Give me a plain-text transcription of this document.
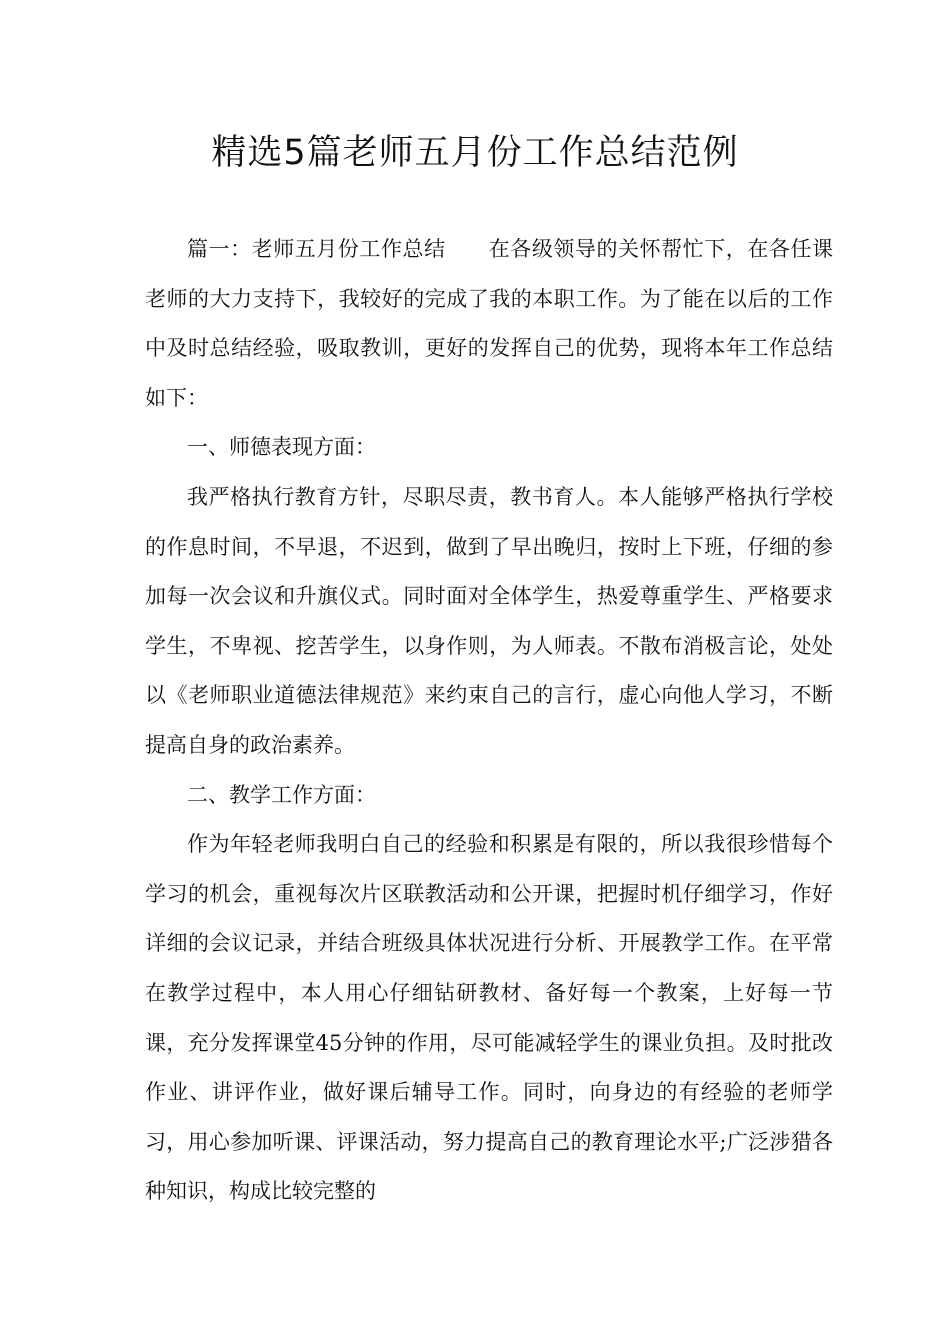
精选5篇老师五月份工作总结范例

篇一：老师五月份工作总结　　在各级领导的关怀帮忙下，在各任课老师的大力支持下，我较好的完成了我的本职工作。为了能在以后的工作中及时总结经验，吸取教训，更好的发挥自己的优势，现将本年工作总结如下：

一、师德表现方面：

我严格执行教育方针，尽职尽责，教书育人。本人能够严格执行学校的作息时间，不早退，不迟到，做到了早出晚归，按时上下班，仔细的参加每一次会议和升旗仪式。同时面对全体学生，热爱尊重学生、严格要求学生，不卑视、挖苦学生，以身作则，为人师表。不散布消极言论，处处以《老师职业道德法律规范》来约束自己的言行，虚心向他人学习，不断提高自身的政治素养。

二、教学工作方面：

作为年轻老师我明白自己的经验和积累是有限的，所以我很珍惜每个学习的机会，重视每次片区联教活动和公开课，把握时机仔细学习，作好详细的会议记录，并结合班级具体状况进行分析、开展教学工作。在平常在教学过程中，本人用心仔细钻研教材、备好每一个教案，上好每一节课，充分发挥课堂45分钟的作用，尽可能减轻学生的课业负担。及时批改作业、讲评作业，做好课后辅导工作。同时，向身边的有经验的老师学习，用心参加听课、评课活动，努力提高自己的教育理论水平;广泛涉猎各种知识，构成比较完整的
